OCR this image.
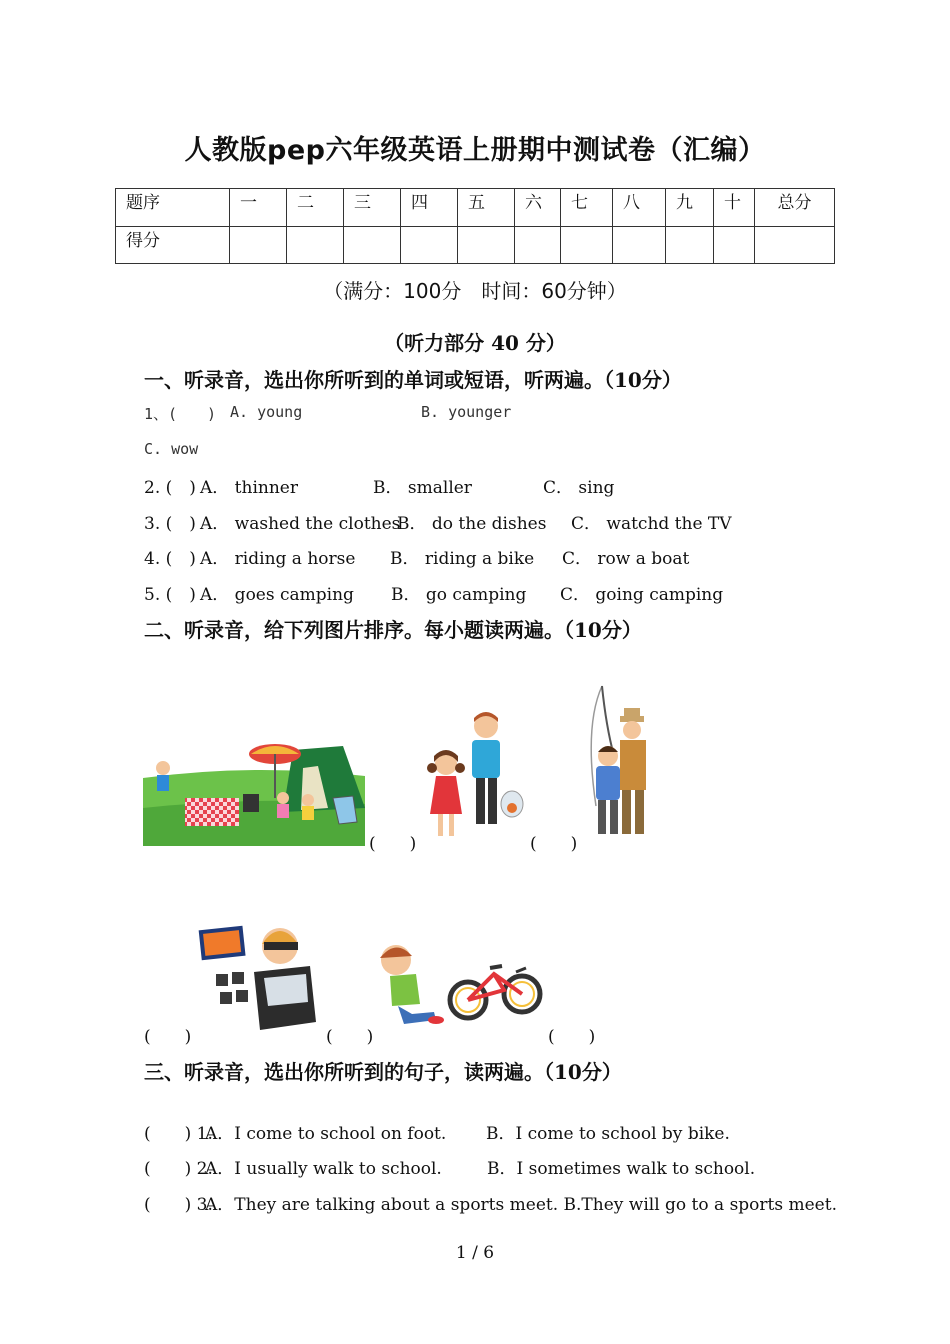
人教版pep六年级英语上册期中测试卷（汇编）
题序	一	二	三	四	五	六	七	八	九	十	总分
得分											
（满分：100分　时间：60分钟）
（听力部分 40 分）
一、听录音，选出你所听到的单词或短语，听两遍。（10分）
1、(　　) A. young	B. younger
C. wow
2. (　) A． thinner	B． smaller	C． sing
3. (　) A． washed the clothes
B． do the dishes C． watchd the TV
4. (　) A． riding a horse B． riding a bike C． row a boat
5. (　) A． goes camping B． go camping C． going camping
二、听录音，给下列图片排序。每小题读两遍。（10分）
(　　)	(　　)
(　　)	(　　)	(　　)
三、听录音，选出你所听到的句子，读两遍。（10分）
(　　) 1.
A．I come to school on foot. B．I come to school by bike.
(　　) 2.
A．I usually walk to school.	B．I sometimes walk to school.
(　　) 3.
A．They are talking about a sports meet. B.They will go to a sports meet.
1 / 6
